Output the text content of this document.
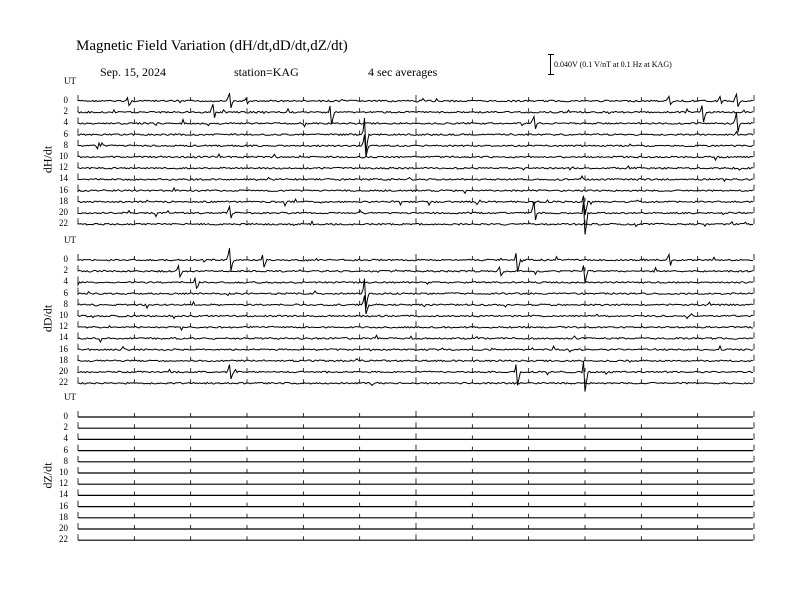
Magnetic Field Variation (dH/dt,dD/dt,dZ/dt)
Sep. 15, 2024	station=KAG	4 sec averages
0.040V (0.1 V/nT at 0.1 Hz at KAG)
UT
dH/dt
0
2
4
6
8
10
12
14
16
18
20
22
UT
dD/dt
0
2
4
6
8
10
12
14
16
18
20
22
UT
dZ/dt
0
2
4
6
8
10
12
14
16
18
20
22
